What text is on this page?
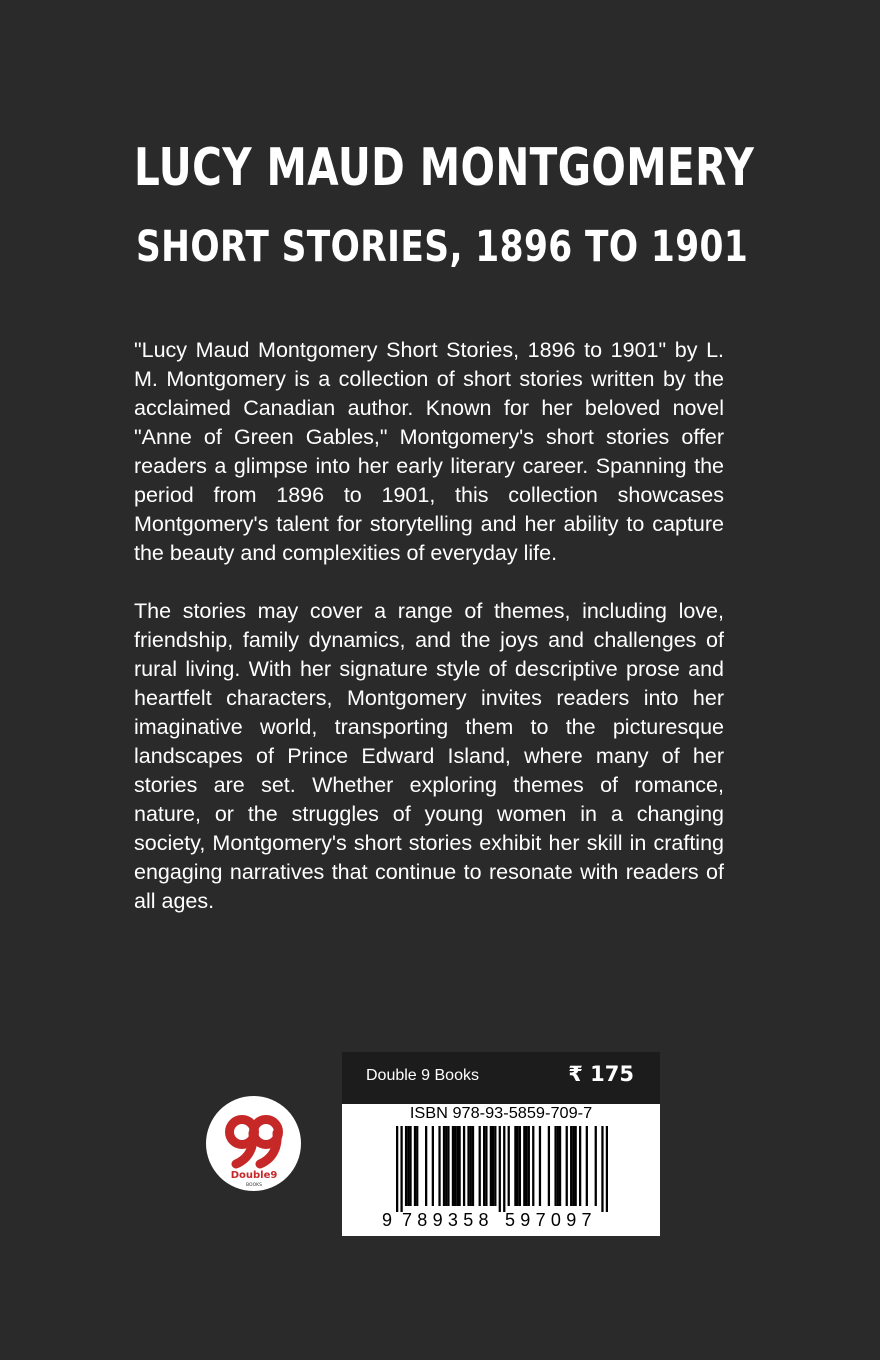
LUCY MAUD MONTGOMERY
SHORT STORIES, 1896 TO 1901

"Lucy Maud Montgomery Short Stories, 1896 to 1901" by L. M. Montgomery is a collection of short stories written by the acclaimed Canadian author. Known for her beloved novel "Anne of Green Gables," Montgomery's short stories offer readers a glimpse into her early literary career. Spanning the period from 1896 to 1901, this collection showcases Montgomery's talent for storytelling and her ability to capture the beauty and complexities of everyday life.

The stories may cover a range of themes, including love, friendship, family dynamics, and the joys and challenges of rural living. With her signature style of descriptive prose and heartfelt characters, Montgomery invites readers into her imaginative world, transporting them to the picturesque landscapes of Prince Edward Island, where many of her stories are set. Whether exploring themes of romance, nature, or the struggles of young women in a changing society, Montgomery's short stories exhibit her skill in crafting engaging narratives that continue to resonate with readers of all ages.

Double9
BOOKS
Double 9 Books	₹ 175
ISBN 978-93-5859-709-7
9 789358 597097
